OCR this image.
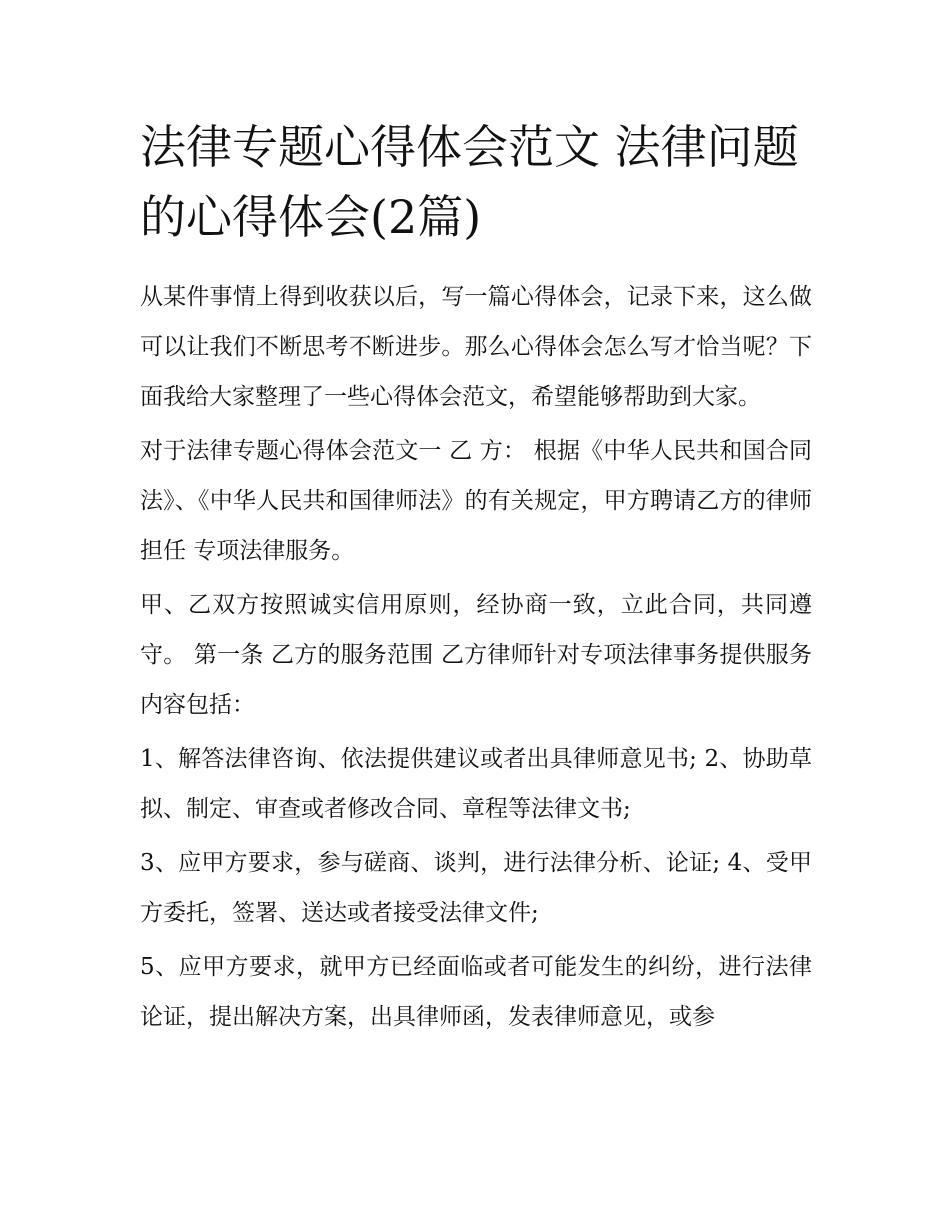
法律专题心得体会范文 法律问题的心得体会(2篇)

从某件事情上得到收获以后，写一篇心得体会，记录下来，这么做可以让我们不断思考不断进步。那么心得体会怎么写才恰当呢？下面我给大家整理了一些心得体会范文，希望能够帮助到大家。

对于法律专题心得体会范文一 乙 方： 根据《中华人民共和国合同法》、《中华人民共和国律师法》的有关规定，甲方聘请乙方的律师担任 专项法律服务。

甲、乙双方按照诚实信用原则，经协商一致，立此合同，共同遵守。 第一条 乙方的服务范围 乙方律师针对专项法律事务提供服务内容包括：

1、解答法律咨询、依法提供建议或者出具律师意见书; 2、协助草拟、制定、审查或者修改合同、章程等法律文书;

3、应甲方要求，参与磋商、谈判，进行法律分析、论证; 4、受甲方委托，签署、送达或者接受法律文件;

5、应甲方要求，就甲方已经面临或者可能发生的纠纷，进行法律论证，提出解决方案，出具律师函，发表律师意见，或参
